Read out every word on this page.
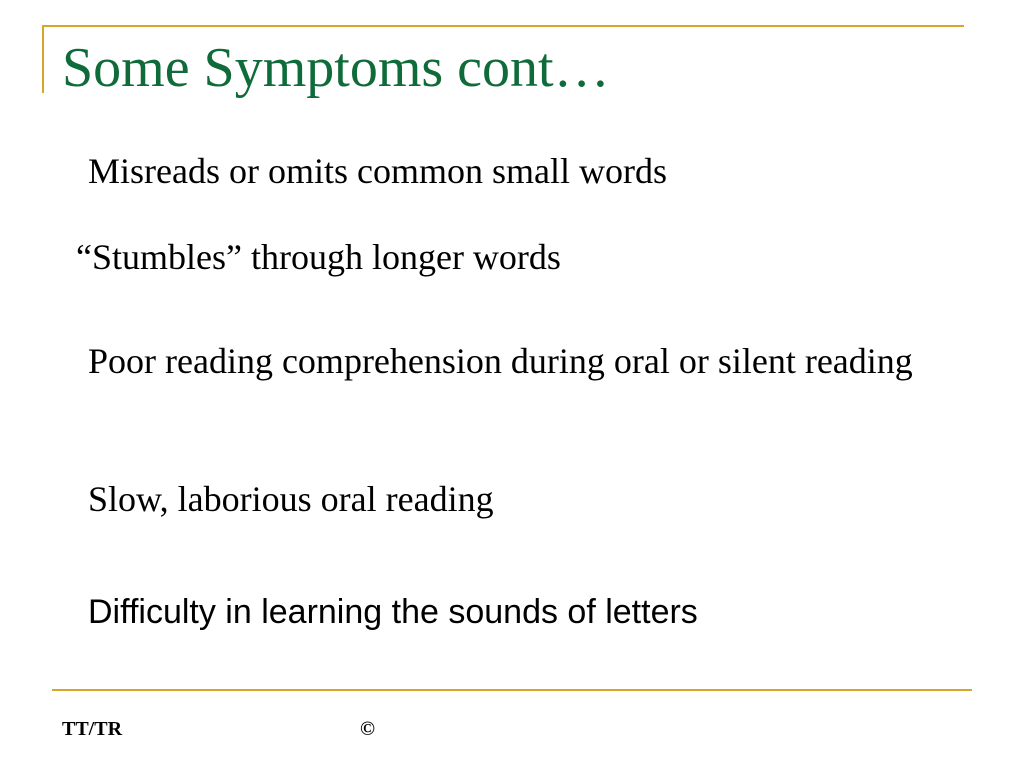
Some Symptoms cont…
Misreads or omits common small words
“Stumbles” through longer words
Poor reading comprehension during oral or silent reading
Slow, laborious oral reading
Difficulty in learning the sounds of letters
TT/TR	©
